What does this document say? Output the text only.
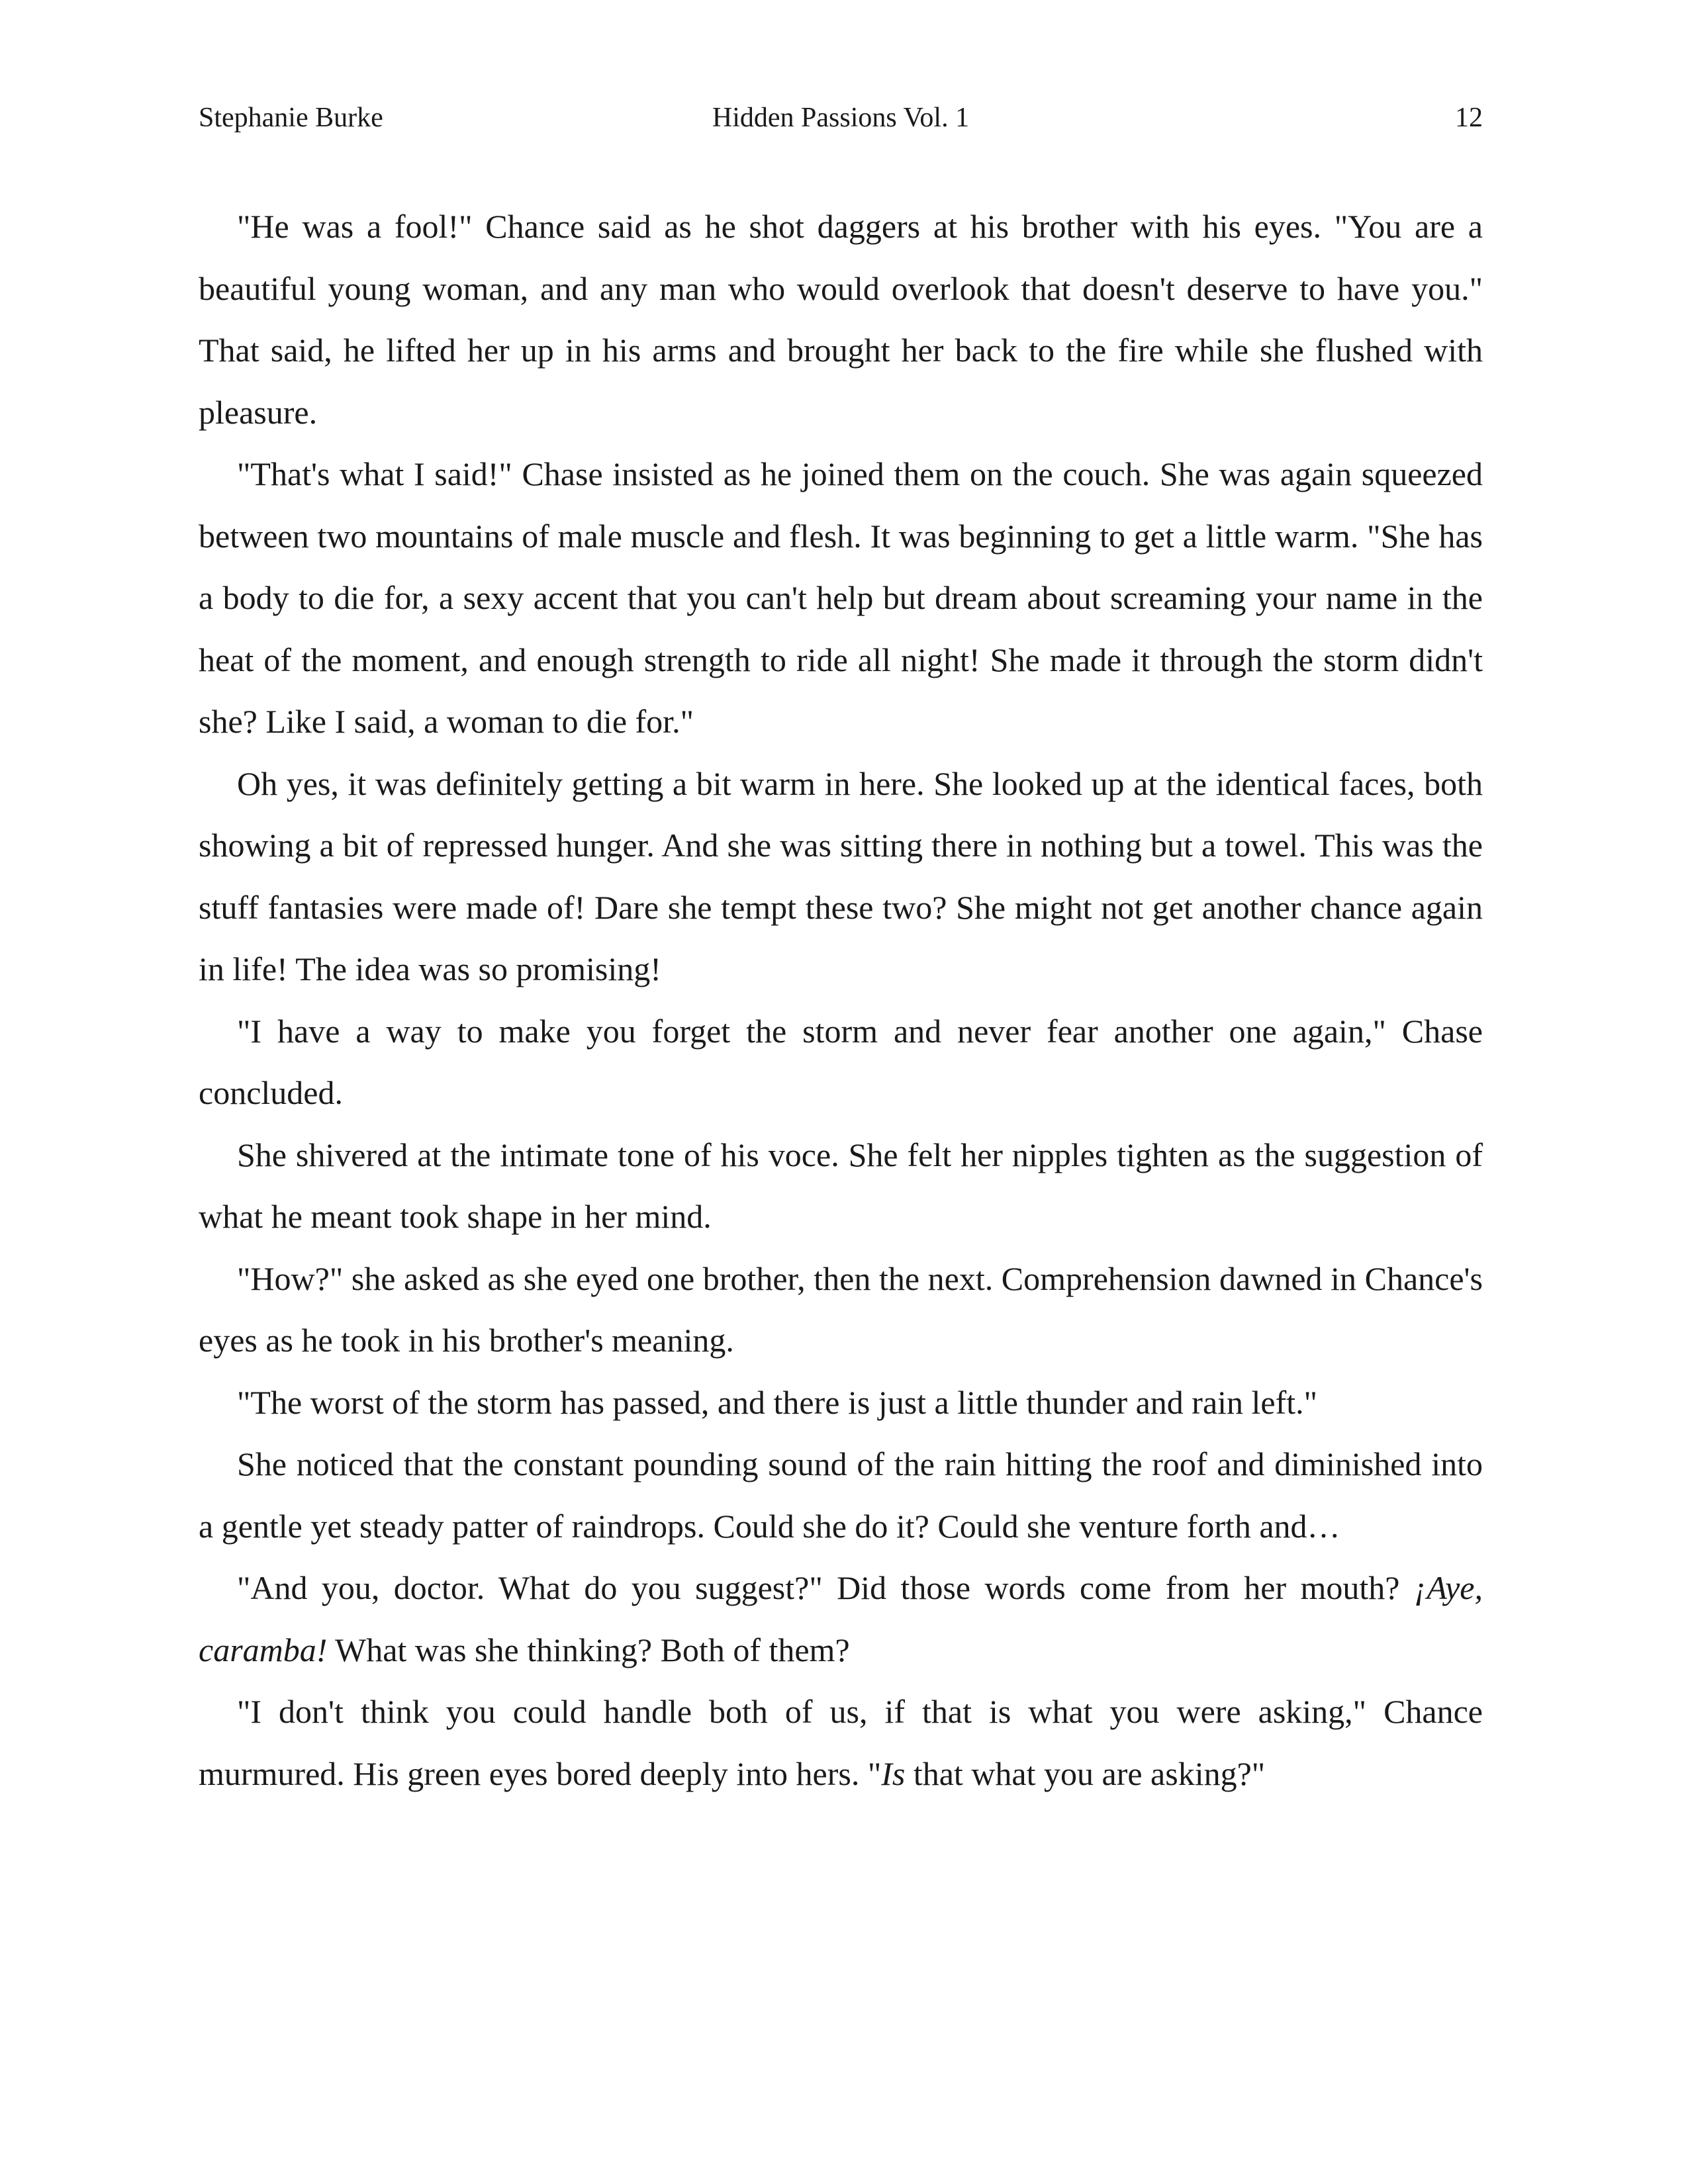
Stephanie Burke	Hidden Passions Vol. 1	12

"He was a fool!" Chance said as he shot daggers at his brother with his eyes. "You are a beautiful young woman, and any man who would overlook that doesn't deserve to have you." That said, he lifted her up in his arms and brought her back to the fire while she flushed with pleasure.

"That's what I said!" Chase insisted as he joined them on the couch. She was again squeezed between two mountains of male muscle and flesh. It was beginning to get a little warm. "She has a body to die for, a sexy accent that you can't help but dream about screaming your name in the heat of the moment, and enough strength to ride all night! She made it through the storm didn't she? Like I said, a woman to die for."

Oh yes, it was definitely getting a bit warm in here. She looked up at the identical faces, both showing a bit of repressed hunger. And she was sitting there in nothing but a towel. This was the stuff fantasies were made of! Dare she tempt these two? She might not get another chance again in life! The idea was so promising!

"I have a way to make you forget the storm and never fear another one again," Chase concluded.

She shivered at the intimate tone of his voce. She felt her nipples tighten as the suggestion of what he meant took shape in her mind.

"How?" she asked as she eyed one brother, then the next. Comprehension dawned in Chance's eyes as he took in his brother's meaning.

"The worst of the storm has passed, and there is just a little thunder and rain left."

She noticed that the constant pounding sound of the rain hitting the roof and diminished into a gentle yet steady patter of raindrops. Could she do it? Could she venture forth and…

"And you, doctor. What do you suggest?" Did those words come from her mouth? ¡Aye, caramba! What was she thinking? Both of them?

"I don't think you could handle both of us, if that is what you were asking," Chance murmured. His green eyes bored deeply into hers. "Is that what you are asking?"
